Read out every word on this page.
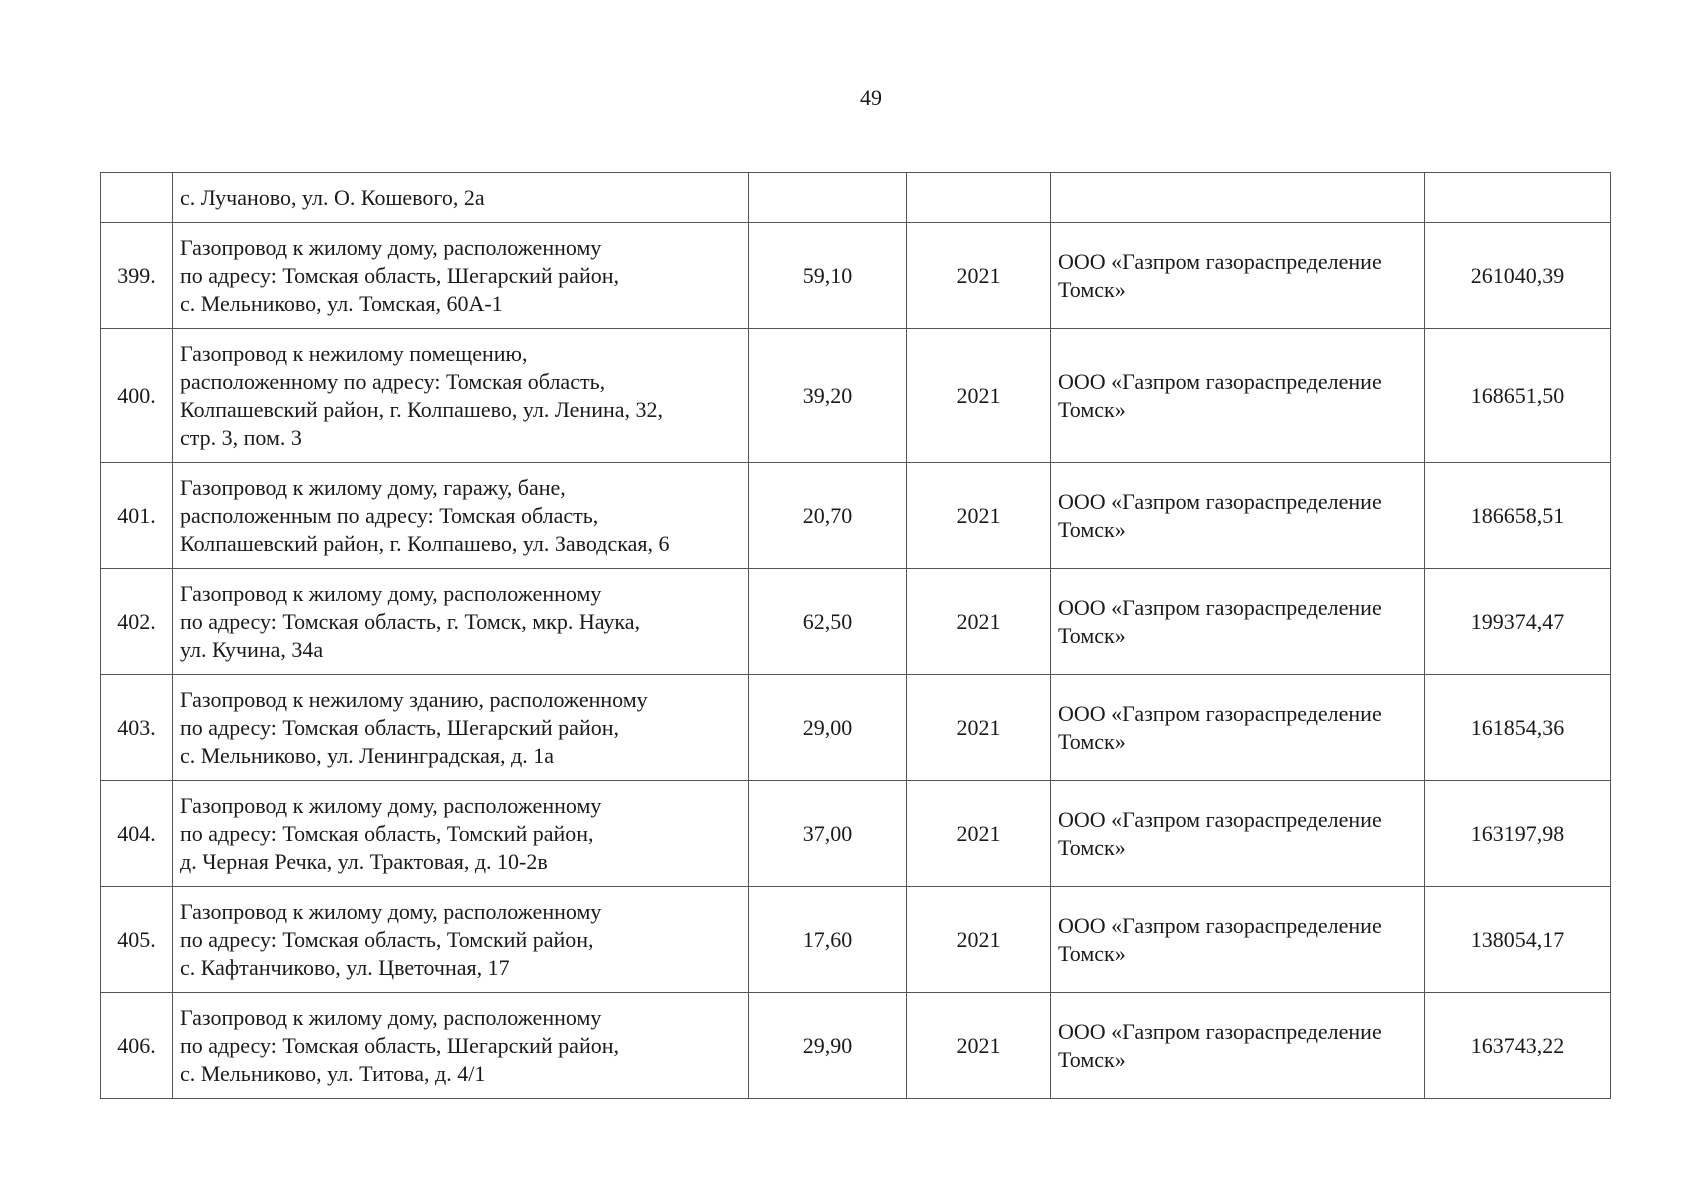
49

	с. Лучаново, ул. О. Кошевого, 2а				

399.	Газопровод к жилому дому, расположенному
по адресу: Томская область, Шегарский район,
с. Мельниково, ул. Томская, 60А-1	59,10	2021	ООО «Газпром газораспределение
Томск»	261040,39
400.	Газопровод к нежилому помещению,
расположенному по адресу: Томская область,
Колпашевский район, г. Колпашево, ул. Ленина, 32,
стр. 3, пом. 3	39,20	2021	ООО «Газпром газораспределение
Томск»	168651,50
401.	Газопровод к жилому дому, гаражу, бане,
расположенным по адресу: Томская область,
Колпашевский район, г. Колпашево, ул. Заводская, 6	20,70	2021	ООО «Газпром газораспределение
Томск»	186658,51
402.	Газопровод к жилому дому, расположенному
по адресу: Томская область, г. Томск, мкр. Наука,
ул. Кучина, 34а	62,50	2021	ООО «Газпром газораспределение
Томск»	199374,47
403.	Газопровод к нежилому зданию, расположенному
по адресу: Томская область, Шегарский район,
с. Мельниково, ул. Ленинградская, д. 1а	29,00	2021	ООО «Газпром газораспределение
Томск»	161854,36
404.	Газопровод к жилому дому, расположенному
по адресу: Томская область, Томский район,
д. Черная Речка, ул. Трактовая, д. 10-2в	37,00	2021	ООО «Газпром газораспределение
Томск»	163197,98
405.	Газопровод к жилому дому, расположенному
по адресу: Томская область, Томский район,
с. Кафтанчиково, ул. Цветочная, 17	17,60	2021	ООО «Газпром газораспределение
Томск»	138054,17
406.	Газопровод к жилому дому, расположенному
по адресу: Томская область, Шегарский район,
с. Мельниково, ул. Титова, д. 4/1	29,90	2021	ООО «Газпром газораспределение
Томск»	163743,22
